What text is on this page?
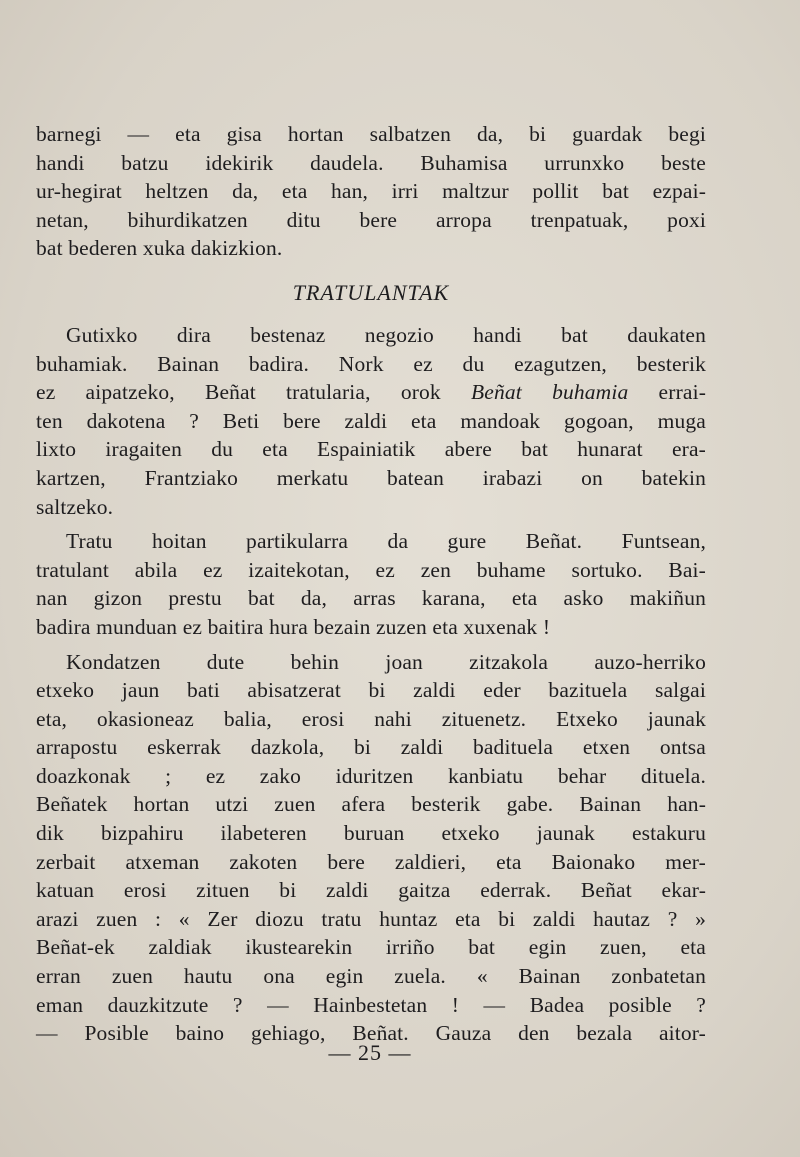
barnegi — eta gisa hortan salbatzen da, bi guardak begi
handi batzu idekirik daudela. Buhamisa urrunxko beste
ur-hegirat heltzen da, eta han, irri maltzur pollit bat ezpai-
netan, bihurdikatzen ditu bere arropa trenpatuak, poxi
bat bederen xuka dakizkion.

TRATULANTAK

Gutixko dira bestenaz negozio handi bat daukaten
buhamiak. Bainan badira. Nork ez du ezagutzen, besterik
ez aipatzeko, Beñat tratularia, orok Beñat buhamia errai-
ten dakotena ? Beti bere zaldi eta mandoak gogoan, muga
lixto iragaiten du eta Espainiatik abere bat hunarat era-
kartzen, Frantziako merkatu batean irabazi on batekin
saltzeko.

Tratu hoitan partikularra da gure Beñat. Funtsean,
tratulant abila ez izaitekotan, ez zen buhame sortuko. Bai-
nan gizon prestu bat da, arras karana, eta asko makiñun
badira munduan ez baitira hura bezain zuzen eta xuxenak !

Kondatzen dute behin joan zitzakola auzo-herriko
etxeko jaun bati abisatzerat bi zaldi eder bazituela salgai
eta, okasioneaz balia, erosi nahi zituenetz. Etxeko jaunak
arrapostu eskerrak dazkola, bi zaldi badituela etxen ontsa
doazkonak ; ez zako iduritzen kanbiatu behar dituela.
Beñatek hortan utzi zuen afera besterik gabe. Bainan han-
dik bizpahiru ilabeteren buruan etxeko jaunak estakuru
zerbait atxeman zakoten bere zaldieri, eta Baionako mer-
katuan erosi zituen bi zaldi gaitza ederrak. Beñat ekar-
arazi zuen : « Zer diozu tratu huntaz eta bi zaldi hautaz ? »
Beñat-ek zaldiak ikustearekin irriño bat egin zuen, eta
erran zuen hautu ona egin zuela. « Bainan zonbatetan
eman dauzkitzute ? — Hainbestetan ! — Badea posible ?
— Posible baino gehiago, Beñat. Gauza den bezala aitor-

— 25 —
